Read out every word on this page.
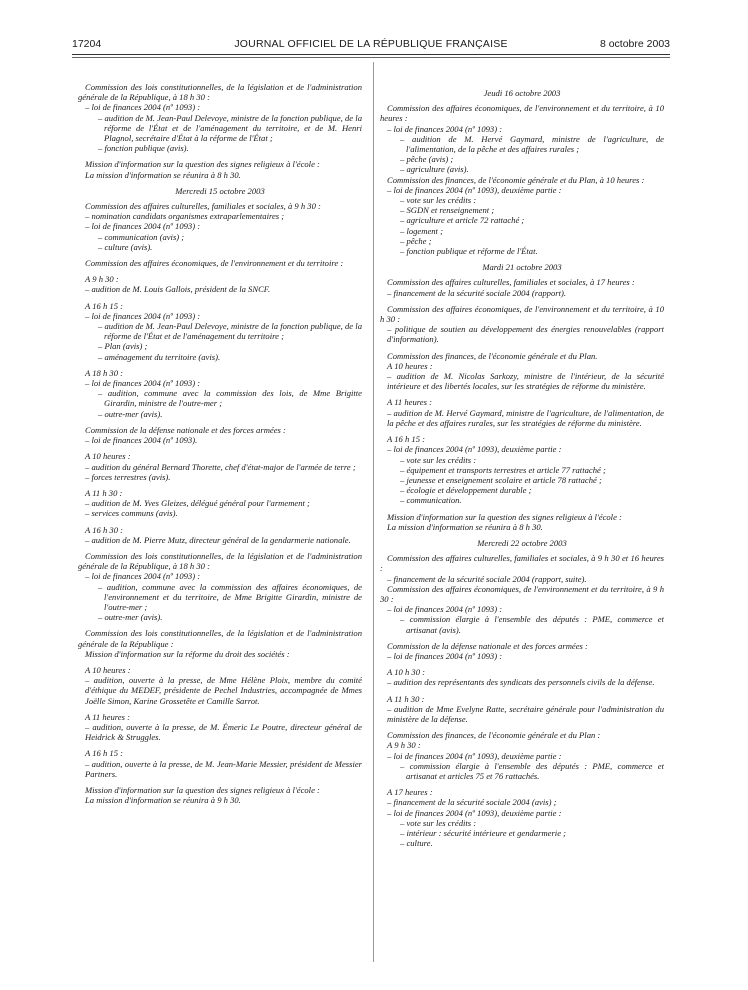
17204	JOURNAL OFFICIEL DE LA RÉPUBLIQUE FRANÇAISE	8 octobre 2003

Commission des lois constitutionnelles, de la législation et de l'administration générale de la République, à 18 h 30 :

– loi de finances 2004 (nº 1093) :

– audition de M. Jean-Paul Delevoye, ministre de la fonction publique, de la réforme de l'État et de l'aménagement du territoire, et de M. Henri Plagnol, secrétaire d'État à la réforme de l'État ;

– fonction publique (avis).

Mission d'information sur la question des signes religieux à l'école :

La mission d'information se réunira à 8 h 30.

Mercredi 15 octobre 2003

Commission des affaires culturelles, familiales et sociales, à 9 h 30 :

– nomination candidats organismes extraparlementaires ;

– loi de finances 2004 (nº 1093) :

– communication (avis) ;

– culture (avis).

Commission des affaires économiques, de l'environnement et du territoire :

A 9 h 30 :

– audition de M. Louis Gallois, président de la SNCF.

A 16 h 15 :

– loi de finances 2004 (nº 1093) :

– audition de M. Jean-Paul Delevoye, ministre de la fonction publique, de la réforme de l'État et de l'aménagement du territoire ;

– Plan (avis) ;

– aménagement du territoire (avis).

A 18 h 30 :

– loi de finances 2004 (nº 1093) :

– audition, commune avec la commission des lois, de Mme Brigitte Girardin, ministre de l'outre-mer ;

– outre-mer (avis).

Commission de la défense nationale et des forces armées :

– loi de finances 2004 (nº 1093).

A 10 heures :

– audition du général Bernard Thorette, chef d'état-major de l'armée de terre ;

– forces terrestres (avis).

A 11 h 30 :

– audition de M. Yves Gleizes, délégué général pour l'armement ;

– services communs (avis).

A 16 h 30 :

– audition de M. Pierre Mutz, directeur général de la gendarmerie nationale.

Commission des lois constitutionnelles, de la législation et de l'administration générale de la République, à 18 h 30 :

– loi de finances 2004 (nº 1093) :

– audition, commune avec la commission des affaires économiques, de l'environnement et du territoire, de Mme Brigitte Girardin, ministre de l'outre-mer ;

– outre-mer (avis).

Commission des lois constitutionnelles, de la législation et de l'administration générale de la République :

Mission d'information sur la réforme du droit des sociétés :

A 10 heures :

– audition, ouverte à la presse, de Mme Hélène Ploix, membre du comité d'éthique du MEDEF, présidente de Pechel Industries, accompagnée de Mmes Joëlle Simon, Karine Grossetête et Camille Sarrot.

A 11 heures :

– audition, ouverte à la presse, de M. Émeric Le Poutre, directeur général de Heidrick & Struggles.

A 16 h 15 :

– audition, ouverte à la presse, de M. Jean-Marie Messier, président de Messier Partners.

Mission d'information sur la question des signes religieux à l'école :

La mission d'information se réunira à 9 h 30.

Jeudi 16 octobre 2003

Commission des affaires économiques, de l'environnement et du territoire, à 10 heures :

– loi de finances 2004 (nº 1093) :

– audition de M. Hervé Gaymard, ministre de l'agriculture, de l'alimentation, de la pêche et des affaires rurales ;

– pêche (avis) ;

– agriculture (avis).

Commission des finances, de l'économie générale et du Plan, à 10 heures :

– loi de finances 2004 (nº 1093), deuxième partie :

– vote sur les crédits :

– SGDN et renseignement ;

– agriculture et article 72 rattaché ;

– logement ;

– pêche ;

– fonction publique et réforme de l'État.

Mardi 21 octobre 2003

Commission des affaires culturelles, familiales et sociales, à 17 heures :

– financement de la sécurité sociale 2004 (rapport).

Commission des affaires économiques, de l'environnement et du territoire, à 10 h 30 :

– politique de soutien au développement des énergies renouvelables (rapport d'information).

Commission des finances, de l'économie générale et du Plan.

A 10 heures :

– audition de M. Nicolas Sarkozy, ministre de l'intérieur, de la sécurité intérieure et des libertés locales, sur les stratégies de réforme du ministère.

A 11 heures :

– audition de M. Hervé Gaymard, ministre de l'agriculture, de l'alimentation, de la pêche et des affaires rurales, sur les stratégies de réforme du ministère.

A 16 h 15 :

– loi de finances 2004 (nº 1093), deuxième partie :

– vote sur les crédits :

– équipement et transports terrestres et article 77 rattaché ;

– jeunesse et enseignement scolaire et article 78 rattaché ;

– écologie et développement durable ;

– communication.

Mission d'information sur la question des signes religieux à l'école :

La mission d'information se réunira à 8 h 30.

Mercredi 22 octobre 2003

Commission des affaires culturelles, familiales et sociales, à 9 h 30 et 16 heures :

– financement de la sécurité sociale 2004 (rapport, suite).

Commission des affaires économiques, de l'environnement et du territoire, à 9 h 30 :

– loi de finances 2004 (nº 1093) :

– commission élargie à l'ensemble des députés : PME, commerce et artisanat (avis).

Commission de la défense nationale et des forces armées :

– loi de finances 2004 (nº 1093) :

A 10 h 30 :

– audition des représentants des syndicats des personnels civils de la défense.

A 11 h 30 :

– audition de Mme Evelyne Ratte, secrétaire générale pour l'administration du ministère de la défense.

Commission des finances, de l'économie générale et du Plan :

A 9 h 30 :

– loi de finances 2004 (nº 1093), deuxième partie :

– commission élargie à l'ensemble des députés : PME, commerce et artisanat et articles 75 et 76 rattachés.

A 17 heures :

– financement de la sécurité sociale 2004 (avis) ;

– loi de finances 2004 (nº 1093), deuxième partie :

– vote sur les crédits :

– intérieur : sécurité intérieure et gendarmerie ;

– culture.
